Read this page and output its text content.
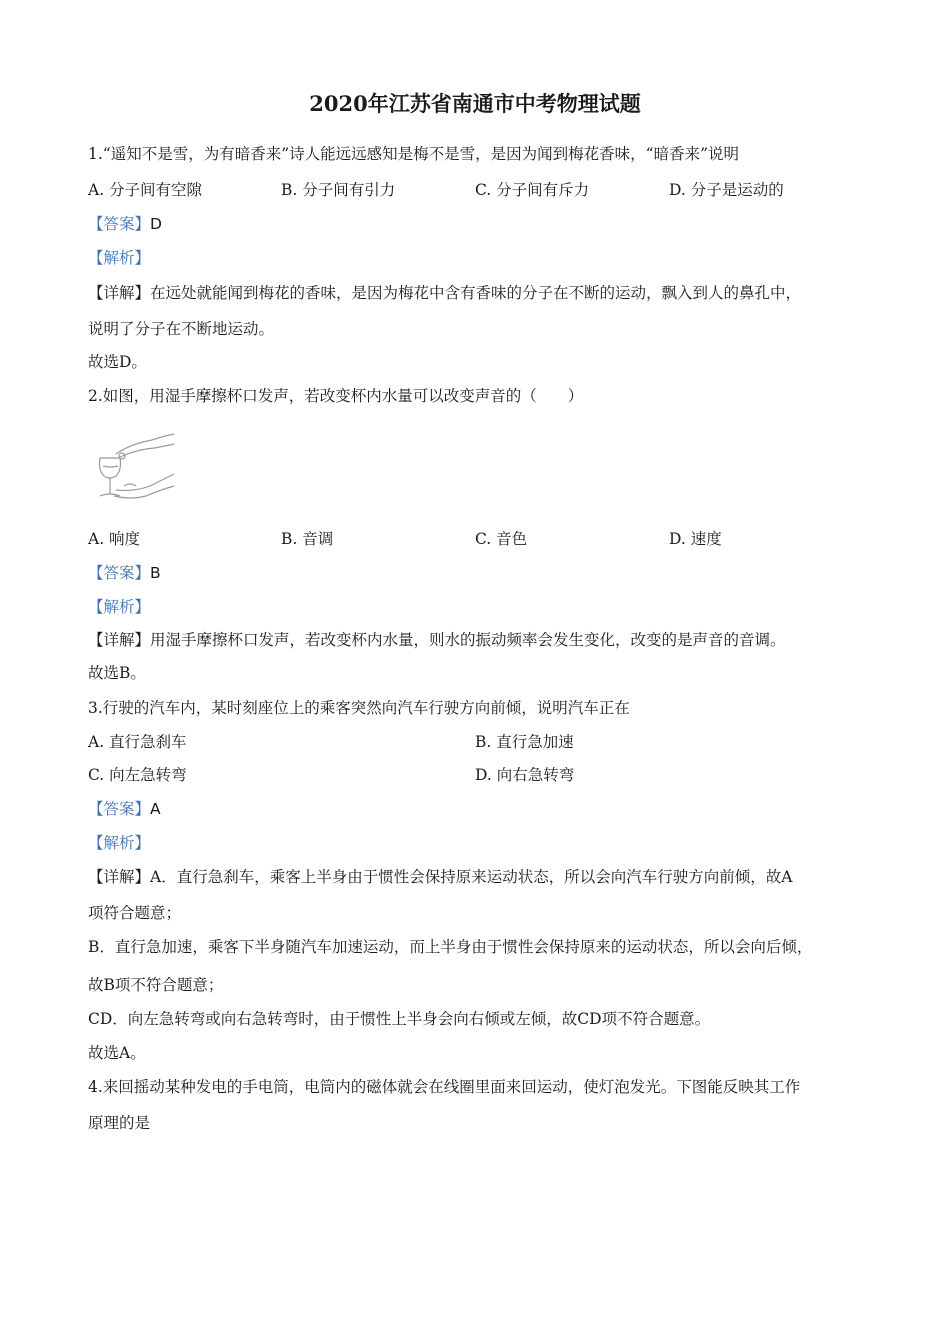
2020年江苏省南通市中考物理试题
1.“遥知不是雪，为有暗香来”诗人能远远感知是梅不是雪，是因为闻到梅花香味，“暗香来”说明
A. 分子间有空隙	B. 分子间有引力	C. 分子间有斥力	D. 分子是运动的
【答案】D
【解析】
【详解】在远处就能闻到梅花的香味，是因为梅花中含有香味的分子在不断的运动，飘入到人的鼻孔中，
说明了分子在不断地运动。
故选D。
2.如图，用湿手摩擦杯口发声，若改变杯内水量可以改变声音的（　　）
A. 响度	B. 音调	C. 音色	D. 速度
【答案】B
【解析】
【详解】用湿手摩擦杯口发声，若改变杯内水量，则水的振动频率会发生变化，改变的是声音的音调。
故选B。
3.行驶的汽车内，某时刻座位上的乘客突然向汽车行驶方向前倾，说明汽车正在
A. 直行急刹车	B. 直行急加速
C. 向左急转弯	D. 向右急转弯
【答案】A
【解析】
【详解】A．直行急刹车，乘客上半身由于惯性会保持原来运动状态，所以会向汽车行驶方向前倾，故A
项符合题意；
B．直行急加速，乘客下半身随汽车加速运动，而上半身由于惯性会保持原来的运动状态，所以会向后倾，
故B项不符合题意；
CD．向左急转弯或向右急转弯时，由于惯性上半身会向右倾或左倾，故CD项不符合题意。
故选A。
4.来回摇动某种发电的手电筒，电筒内的磁体就会在线圈里面来回运动，使灯泡发光。下图能反映其工作
原理的是
